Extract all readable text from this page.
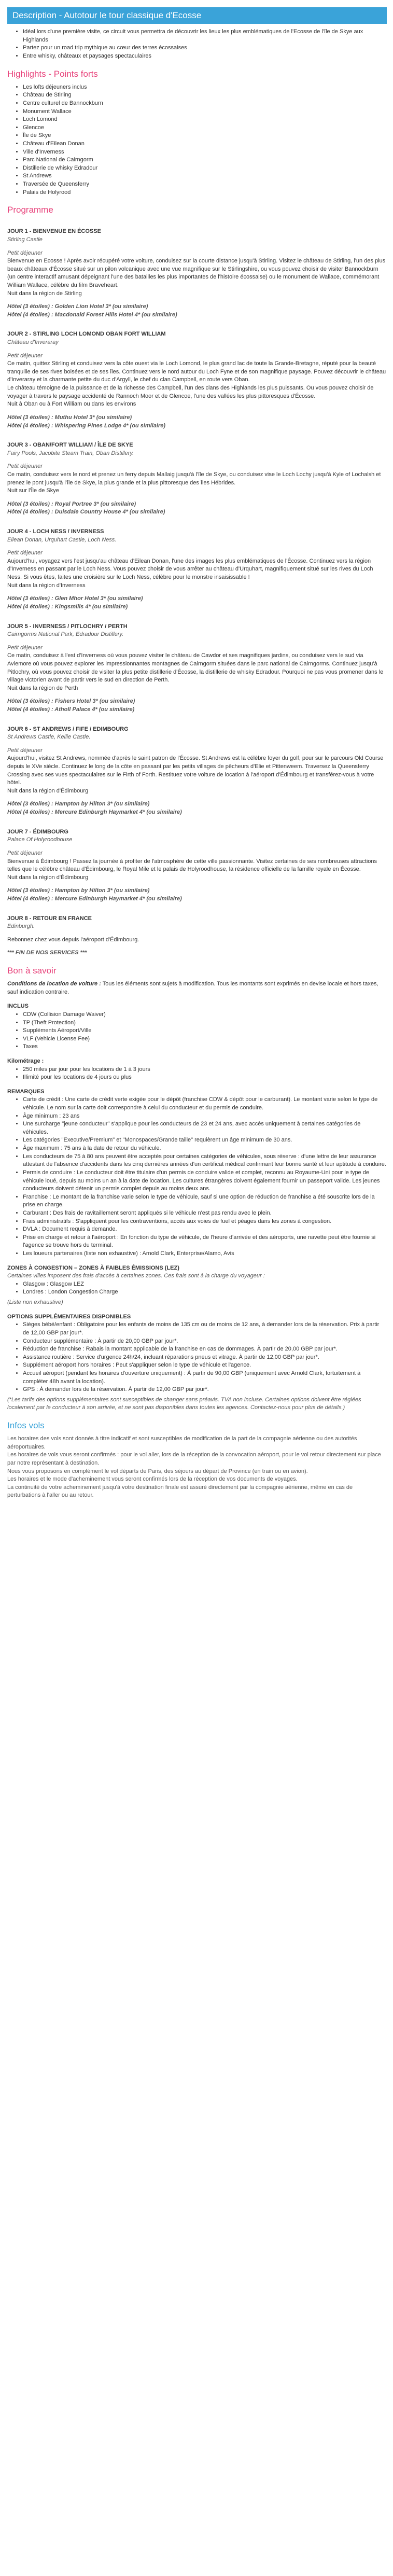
Description - Autotour le tour classique d'Ecosse
• Idéal lors d'une première visite, ce circuit vous permettra de découvrir les lieux les plus emblématiques de l'Ecosse de l'île de Skye aux Highlands
• Partez pour un road trip mythique au cœur des terres écossaises
• Entre whisky, châteaux et paysages spectaculaires
Highlights - Points forts
• Les lofts déjeuners inclus
• Château de Stirling
• Centre culturel de Bannockburn
• Monument Wallace
• Loch Lomond
• Glencoe
• Île de Skye
• Château d'Eilean Donan
• Ville d'Inverness
• Parc National de Cairngorm
• Distillerie de whisky Edradour
• St Andrews
• Traversée de Queensferry
• Palais de Holyrood
Programme
JOUR 1 - BIENVENUE EN ÉCOSSE
Stirling Castle
Petit déjeuner
Bienvenue en Ecosse ! Après avoir récupéré votre voiture, conduisez sur la courte distance jusqu'à Stirling. Visitez le château de Stirling, l'un des plus beaux châteaux d'Écosse situé sur un pilon volcanique avec une vue magnifique sur le Stirlingshire, ou vous pouvez choisir de visiter Bannockburn (un centre interactif amusant dépeignant l'une des batailles les plus importantes de l'histoire écossaise) ou le monument de Wallace, commémorant William Wallace, célèbre du film Braveheart.
Nuit dans la région de Stirling
Hôtel (3 étoiles) : Golden Lion Hotel 3* (ou similaire)
Hôtel (4 étoiles) : Macdonald Forest Hills Hotel 4* (ou similaire)
JOUR 2 - STIRLING LOCH LOMOND OBAN FORT WILLIAM
Château d'Inveraray
Petit déjeuner
Ce matin, quittez Stirling et conduisez vers la côte ouest via le Loch Lomond, le plus grand lac de toute la Grande-Bretagne, réputé pour la beauté tranquille de ses rives boisées et de ses îles. Continuez vers le nord autour du Loch Fyne et de son magnifique paysage. Pouvez découvrir le château d'Inveraray et la charmante petite du duc d'Argyll, le chef du clan Campbell, en route vers Oban.
Le château témoigne de la puissance et de la richesse des Campbell, l'un des clans des Highlands les plus puissants. Ou vous pouvez choisir de voyager à travers le paysage accidenté de Rannoch Moor et de Glencoe, l'une des vallées les plus pittoresques d'Écosse.
Nuit à Oban ou à Fort William ou dans les environs
Hôtel (3 étoiles) : Muthu Hotel 3* (ou similaire)
Hôtel (4 étoiles) : Whispering Pines Lodge 4* (ou similaire)
JOUR 3 - OBAN/FORT WILLIAM / ÎLE DE SKYE
Fairy Pools, Jacobite Steam Train, Oban Distillery.
Petit déjeuner
Ce matin, conduisez vers le nord et prenez un ferry depuis Mallaig jusqu'à l'île de Skye, ou conduisez vise le Loch Lochy jusqu'à Kyle of Lochalsh et prenez le pont jusqu'à l'île de Skye, la plus grande et la plus pittoresque des îles Hébrides.
Nuit sur l'Île de Skye
Hôtel (3 étoiles) : Royal Portree 3* (ou similaire)
Hôtel (4 étoiles) : Duisdale Country House 4* (ou similaire)
JOUR 4 - LOCH NESS / INVERNESS
Eilean Donan, Urquhart Castle, Loch Ness.
Petit déjeuner
Aujourd'hui, voyagez vers l'est jusqu'au château d'Eilean Donan, l'une des images les plus emblématiques de l'Écosse. Continuez vers la région d'Inverness en passant par le Loch Ness. Vous pouvez choisir de vous arrêter au château d'Urquhart, magnifiquement situé sur les rives du Loch Ness. Si vous êtes, faites une croisière sur le Loch Ness, célèbre pour le monstre insaisissable !
Nuit dans la région d'Inverness
Hôtel (3 étoiles) : Glen Mhor Hotel 3* (ou similaire)
Hôtel (4 étoiles) : Kingsmills 4* (ou similaire)
JOUR 5 - INVERNESS / PITLOCHRY / PERTH
Cairngorms National Park, Edradour Distillery.
Petit déjeuner
Ce matin, conduisez à l'est d'Inverness où vous pouvez visiter le château de Cawdor et ses magnifiques jardins, ou conduisez vers le sud via Aviemore où vous pouvez explorer les impressionnantes montagnes de Cairngorm situées dans le parc national de Cairngorms. Continuez jusqu'à Pitlochry, où vous pouvez choisir de visiter la plus petite distillerie d'Écosse, la distillerie de whisky Edradour. Pourquoi ne pas vous promener dans le village victorien avant de partir vers le sud en direction de Perth.
Nuit dans la région de Perth
Hôtel (3 étoiles) : Fishers Hotel 3* (ou similaire)
Hôtel (4 étoiles) : Atholl Palace 4* (ou similaire)
JOUR 6 - ST ANDREWS / FIFE / EDIMBOURG
St Andrews Castle, Kellie Castle.
Petit déjeuner
Aujourd'hui, visitez St Andrews, nommée d'après le saint patron de l'Écosse. St Andrews est la célèbre foyer du golf, pour sur le parcours Old Course depuis le XVe siècle. Continuez le long de la côte en passant par les petits villages de pêcheurs d'Elie et Pittenweem. Traversez la Queensferry Crossing avec ses vues spectaculaires sur le Firth of Forth. Restituez votre voiture de location à l'aéroport d'Édimbourg et transférez-vous à votre hôtel.
Nuit dans la région d'Édimbourg
Hôtel (3 étoiles) : Hampton by Hilton 3* (ou similaire)
Hôtel (4 étoiles) : Mercure Edinburgh Haymarket 4* (ou similaire)
JOUR 7 - ÉDIMBOURG
Palace Of Holyroodhouse
Petit déjeuner
Bienvenue à Édimbourg ! Passez la journée à profiter de l'atmosphère de cette ville passionnante. Visitez certaines de ses nombreuses attractions telles que le célèbre château d'Édimbourg, le Royal Mile et le palais de Holyroodhouse, la résidence officielle de la famille royale en Écosse.
Nuit dans la région d'Édimbourg
Hôtel (3 étoiles) : Hampton by Hilton 3* (ou similaire)
Hôtel (4 étoiles) : Mercure Edinburgh Haymarket 4* (ou similaire)
JOUR 8 - RETOUR EN FRANCE
Edinburgh.
Rebonnez chez vous depuis l'aéroport d'Édimbourg.
*** FIN DE NOS SERVICES ***
Bon à savoir

Conditions de location de voiture : Tous les éléments sont sujets à modification. Tous les montants sont exprimés en devise locale et hors taxes, sauf indication contraire.

INCLUS
• CDW (Collision Damage Waiver)
• TP (Theft Protection)
• Suppléments Aéroport/Ville
• VLF (Vehicle License Fee)
• Taxes
Kilométrage :
• 250 miles par jour pour les locations de 1 à 3 jours
• Illimité pour les locations de 4 jours ou plus
REMARQUES
• Carte de crédit : Une carte de crédit verte exigée pour le dépôt (franchise CDW & dépôt pour le carburant). Le montant varie selon le type de véhicule. Le nom sur la carte doit correspondre à celui du conducteur et du permis de conduire.
• Âge minimum : 23 ans
• Une surcharge "jeune conducteur" s'applique pour les conducteurs de 23 et 24 ans, avec accès uniquement à certaines catégories de véhicules.
• Les catégories "Executive/Premium" et "Monospaces/Grande taille" requièrent un âge minimum de 30 ans.
• Âge maximum : 75 ans à la date de retour du véhicule.
• Les conducteurs de 75 à 80 ans peuvent être acceptés pour certaines catégories de véhicules, sous réserve : d'une lettre de leur assurance attestant de l'absence d'accidents dans les cinq dernières années d'un certificat médical confirmant leur bonne santé et leur aptitude à conduire.
• Permis de conduire : Le conducteur doit être titulaire d'un permis de conduire valide et complet, reconnu au Royaume-Uni pour le type de véhicule loué, depuis au moins un an à la date de location. Les cultures étrangères doivent également fournir un passeport valide. Les jeunes conducteurs doivent détenir un permis complet depuis au moins deux ans.
• Franchise : Le montant de la franchise varie selon le type de véhicule, sauf si une option de réduction de franchise a été souscrite lors de la prise en charge.
• Carburant : Des frais de ravitaillement seront appliqués si le véhicule n'est pas rendu avec le plein.
• Frais administratifs : S'appliquent pour les contraventions, accès aux voies de fuel et péages dans les zones à congestion.
• DVLA : Document requis à demande.
• Prise en charge et retour à l'aéroport : En fonction du type de véhicule, de l'heure d'arrivée et des aéroports, une navette peut être fournie si l'agence se trouve hors du terminal.
• Les loueurs partenaires (liste non exhaustive) : Arnold Clark, Enterprise/Alamo, Avis
ZONES À CONGESTION – ZONES À FAIBLES ÉMISSIONS (LEZ)

Certaines villes imposent des frais d'accès à certaines zones. Ces frais sont à la charge du voyageur :

• Glasgow : Glasgow LEZ
• Londres : London Congestion Charge

(Liste non exhaustive)

OPTIONS SUPPLÉMENTAIRES DISPONIBLES
• Sièges bébé/enfant : Obligatoire pour les enfants de moins de 135 cm ou de moins de 12 ans, à demander lors de la réservation. Prix à partir de 12,00 GBP par jour*.
• Conducteur supplémentaire : À partir de 20,00 GBP par jour*.
• Réduction de franchise : Rabais la montant applicable de la franchise en cas de dommages. À partir de 20,00 GBP par jour*.
• Assistance routière : Service d'urgence 24h/24, incluant réparations pneus et vitrage. À partir de 12,00 GBP par jour*.
• Supplément aéroport hors horaires : Peut s'appliquer selon le type de véhicule et l'agence.
• Accueil aéroport (pendant les horaires d'ouverture uniquement) : À partir de 90,00 GBP (uniquement avec Arnold Clark, fortuitement à compléter 48h avant la location).
• GPS : À demander lors de la réservation. À partir de 12,00 GBP par jour*.

(*Les tarifs des options supplémentaires sont susceptibles de changer sans préavis. TVA non incluse. Certaines options doivent être réglées localement par le conducteur à son arrivée, et ne sont pas disponibles dans toutes les agences. Contactez-nous pour plus de détails.)

Infos vols
Les horaires des vols sont donnés à titre indicatif et sont susceptibles de modification de la part de la compagnie aérienne ou des autorités aéroportuaires.
Les horaires de vols vous seront confirmés : pour le vol aller, lors de la réception de la convocation aéroport, pour le vol retour directement sur place par notre représentant à destination.
Nous vous proposons en complément le vol départs de Paris, des séjours au départ de Province (en train ou en avion).
Les horaires et le mode d'acheminement vous seront confirmés lors de la réception de vos documents de voyages.
La continuité de votre acheminement jusqu'à votre destination finale est assuré directement par la compagnie aérienne, même en cas de perturbations à l'aller ou au retour.
